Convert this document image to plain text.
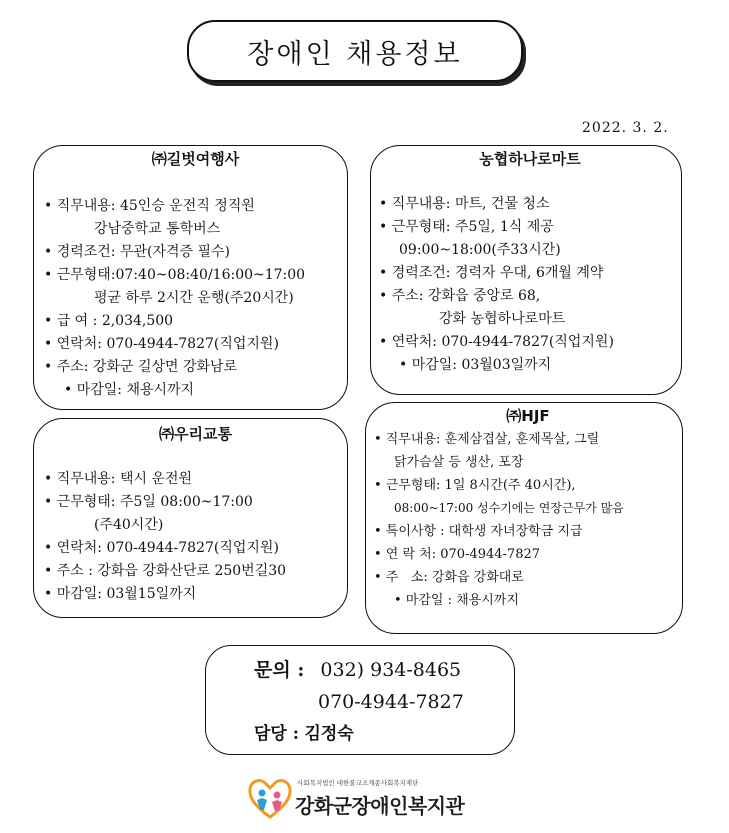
장애인 채용정보
2022. 3. 2.
㈜길벗여행사
• 직무내용: 45인승 운전직 정직원
강남중학교 통학버스
• 경력조건: 무관(자격증 필수)
• 근무형태:07:40~08:40/16:00~17:00
평균 하루 2시간 운행(주20시간)
• 급 여 : 2,034,500
• 연락처: 070-4944-7827(직업지원)
• 주소: 강화군 길상면 강화남로
• 마감일: 채용시까지
농협하나로마트
• 직무내용: 마트, 건물 청소
• 근무형태: 주5일, 1식 제공
09:00~18:00(주33시간)
• 경력조건: 경력자 우대, 6개월 계약
• 주소: 강화읍 중앙로 68,
강화 농협하나로마트
• 연락처: 070-4944-7827(직업지원)
• 마감일: 03월03일까지
㈜우리교통
• 직무내용: 택시 운전원
• 근무형태: 주5일 08:00~17:00
(주40시간)
• 연락처: 070-4944-7827(직업지원)
• 주소 : 강화읍 강화산단로 250번길30
• 마감일: 03월15일까지
㈜HJF
• 직무내용: 훈제삼겹살, 훈제목살, 그릴
닭가슴살 등 생산, 포장
• 근무형태: 1일 8시간(주 40시간),
08:00~17:00 성수기에는 연장근무가 많음
• 특이사항 : 대학생 자녀장학금 지급
• 연 락 처: 070-4944-7827
• 주   소: 강화읍 강화대로
• 마감일 : 채용시까지
문의 : 032) 934-8465
070-4944-7827
담당 : 김정숙
사회복지법인 대한불교조계종사회복지재단
강화군장애인복지관
